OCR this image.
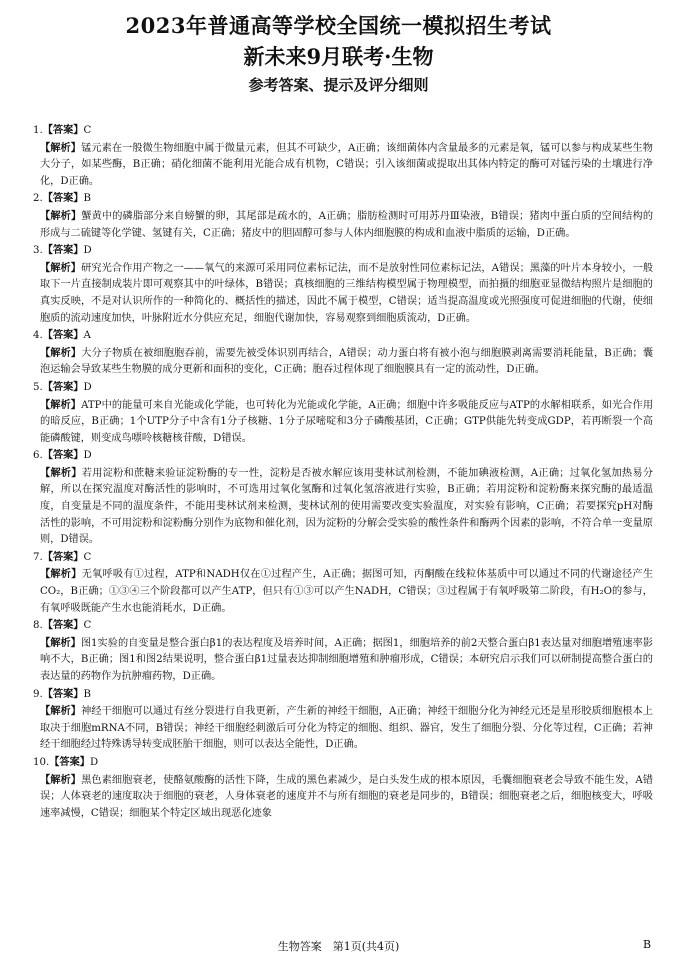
2023年普通高等学校全国统一模拟招生考试
新未来9月联考·生物
参考答案、提示及评分细则
1.【答案】C
【解析】锰元素在一般微生物细胞中属于微量元素，但其不可缺少，A正确；该细菌体内含量最多的元素是氧，锰可以参与构成某些生物大分子，如某些酶，B正确；硝化细菌不能利用光能合成有机物，C错误；引入该细菌或提取出其体内特定的酶可对锰污染的土壤进行净化，D正确。
2.【答案】B
【解析】蟹黄中的磷脂部分来自螃蟹的卵，其尾部是疏水的，A正确；脂肪检测时可用苏丹Ⅲ染液，B错误；猪肉中蛋白质的空间结构的形成与二硫键等化学键、氢键有关，C正确；猪皮中的胆固醇可参与人体内细胞膜的构成和血液中脂质的运输，D正确。
3.【答案】D
【解析】研究光合作用产物之一——氧气的来源可采用同位素标记法，而不是放射性同位素标记法，A错误；黑藻的叶片本身较小，一般取下一片直接制成装片即可观察其中的叶绿体，B错误；真核细胞的三维结构模型属于物理模型，而拍摄的细胞亚显微结构照片是细胞的真实反映，不是对认识所作的一种简化的、概括性的描述，因此不属于模型，C错误；适当提高温度或光照强度可促进细胞的代谢，使细胞质的流动速度加快，叶脉附近水分供应充足，细胞代谢加快，容易观察到细胞质流动，D正确。
4.【答案】A
【解析】大分子物质在被细胞胞吞前，需要先被受体识别再结合，A错误；动力蛋白将有被小泡与细胞膜剥离需要消耗能量，B正确；囊泡运输会导致某些生物膜的成分更新和面积的变化，C正确；胞吞过程体现了细胞膜具有一定的流动性，D正确。
5.【答案】D
【解析】ATP中的能量可来自光能或化学能，也可转化为光能或化学能，A正确；细胞中许多吸能反应与ATP的水解相联系，如光合作用的暗反应，B正确；1个UTP分子中含有1分子核糖、1分子尿嘧啶和3分子磷酸基团，C正确；GTP供能先转变成GDP，若再断裂一个高能磷酸键，则变成鸟嘌呤核糖核苷酸，D错误。
6.【答案】D
【解析】若用淀粉和蔗糖来验证淀粉酶的专一性，淀粉是否被水解应该用斐林试剂检测，不能加碘液检测，A正确；过氧化氢加热易分解，所以在探究温度对酶活性的影响时，不可选用过氧化氢酶和过氧化氢溶液进行实验，B正确；若用淀粉和淀粉酶来探究酶的最适温度，自变量是不同的温度条件，不能用斐林试剂来检测，斐林试剂的使用需要改变实验温度，对实验有影响，C正确；若要探究pH对酶活性的影响，不可用淀粉和淀粉酶分别作为底物和催化剂，因为淀粉的分解会受实验的酸性条件和酶两个因素的影响，不符合单一变量原则，D错误。
7.【答案】C
【解析】无氧呼吸有①过程，ATP和NADH仅在①过程产生，A正确；据图可知，丙酮酸在线粒体基质中可以通过不同的代谢途径产生CO₂，B正确；①③④三个阶段都可以产生ATP，但只有①③可以产生NADH，C错误；③过程属于有氧呼吸第二阶段，有H₂O的参与，有氧呼吸既能产生水也能消耗水，D正确。
8.【答案】C
【解析】图1实验的自变量是整合蛋白β1的表达程度及培养时间，A正确；据图1，细胞培养的前2天整合蛋白β1表达量对细胞增殖速率影响不大，B正确；图1和图2结果说明，整合蛋白β1过量表达抑制细胞增殖和肿瘤形成，C错误；本研究启示我们可以研制提高整合蛋白的表达量的药物作为抗肿瘤药物，D正确。
9.【答案】B
【解析】神经干细胞可以通过有丝分裂进行自我更新，产生新的神经干细胞，A正确；神经干细胞分化为神经元还是星形胶质细胞根本上取决于细胞mRNA不同，B错误；神经干细胞经刺激后可分化为特定的细胞、组织、器官，发生了细胞分裂、分化等过程，C正确；若神经干细胞经过特殊诱导转变成胚胎干细胞，则可以表达全能性，D正确。
10.【答案】D
【解析】黑色素细胞衰老，使酪氨酸酶的活性下降，生成的黑色素减少，是白头发生成的根本原因，毛囊细胞衰老会导致不能生发，A错误；人体衰老的速度取决于细胞的衰老，人身体衰老的速度并不与所有细胞的衰老是同步的，B错误；细胞衰老之后，细胞核变大，呼吸速率减慢，C错误；细胞某个特定区域出现恶化迹象
生物答案　第1页(共4页)	B
